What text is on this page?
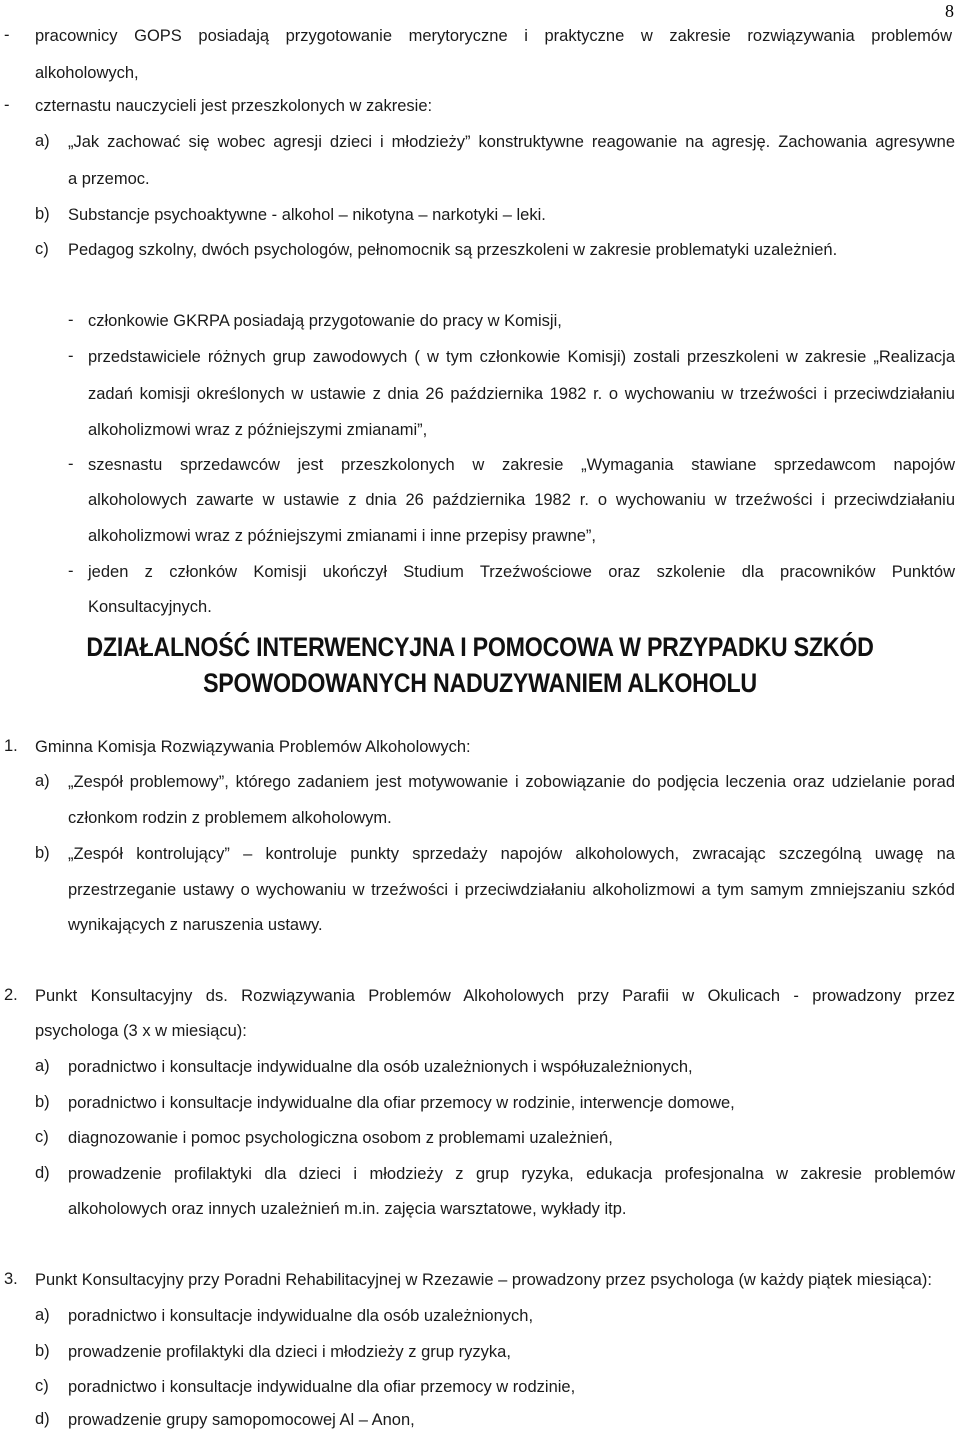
8
- pracownicy GOPS posiadają przygotowanie merytoryczne i praktyczne w zakresie rozwiązywania problemów
alkoholowych,
- czternastu nauczycieli jest przeszkolonych w zakresie:
a) „Jak zachować się wobec agresji dzieci i młodzieży” konstruktywne reagowanie na agresję. Zachowania agresywne
a przemoc.
b) Substancje psychoaktywne - alkohol – nikotyna – narkotyki – leki.
c) Pedagog szkolny, dwóch psychologów, pełnomocnik są przeszkoleni w zakresie problematyki uzależnień.
- członkowie GKRPA posiadają przygotowanie do pracy w Komisji,
- przedstawiciele różnych grup zawodowych ( w tym członkowie Komisji) zostali przeszkoleni w zakresie „Realizacja
zadań komisji określonych w ustawie z dnia 26 października 1982 r. o wychowaniu w trzeźwości i przeciwdziałaniu
alkoholizmowi wraz z późniejszymi zmianami”,
- szesnastu sprzedawców jest przeszkolonych w zakresie „Wymagania stawiane sprzedawcom napojów
alkoholowych zawarte w ustawie z dnia 26 października 1982 r. o wychowaniu w trzeźwości i przeciwdziałaniu
alkoholizmowi wraz z późniejszymi zmianami i inne przepisy prawne”,
- jeden z członków Komisji ukończył Studium Trzeźwościowe oraz szkolenie dla pracowników Punktów
Konsultacyjnych.
DZIAŁALNOŚĆ INTERWENCYJNA I POMOCOWA W PRZYPADKU SZKÓD
SPOWODOWANYCH NADUZYWANIEM ALKOHOLU
1. Gminna Komisja Rozwiązywania Problemów Alkoholowych:
a) „Zespół problemowy”, którego zadaniem jest motywowanie i zobowiązanie do podjęcia leczenia oraz udzielanie porad
członkom rodzin z problemem alkoholowym.
b) „Zespół kontrolujący” – kontroluje punkty sprzedaży napojów alkoholowych, zwracając szczególną uwagę na
przestrzeganie ustawy o wychowaniu w trzeźwości i przeciwdziałaniu alkoholizmowi a tym samym zmniejszaniu szkód
wynikających z naruszenia ustawy.
2. Punkt Konsultacyjny ds. Rozwiązywania Problemów Alkoholowych przy Parafii w Okulicach - prowadzony przez
psychologa (3 x w miesiącu):
a) poradnictwo i konsultacje indywidualne dla osób uzależnionych i współuzależnionych,
b) poradnictwo i konsultacje indywidualne dla ofiar przemocy w rodzinie, interwencje domowe,
c) diagnozowanie i pomoc psychologiczna osobom z problemami uzależnień,
d) prowadzenie profilaktyki dla dzieci i młodzieży z grup ryzyka, edukacja profesjonalna w zakresie problemów
alkoholowych oraz innych uzależnień m.in. zajęcia warsztatowe, wykłady itp.
3. Punkt Konsultacyjny przy Poradni Rehabilitacyjnej w Rzezawie – prowadzony przez psychologa (w każdy piątek miesiąca):
a) poradnictwo i konsultacje indywidualne dla osób uzależnionych,
b) prowadzenie profilaktyki dla dzieci i młodzieży z grup ryzyka,
c) poradnictwo i konsultacje indywidualne dla ofiar przemocy w rodzinie,
d) prowadzenie grupy samopomocowej Al – Anon,
